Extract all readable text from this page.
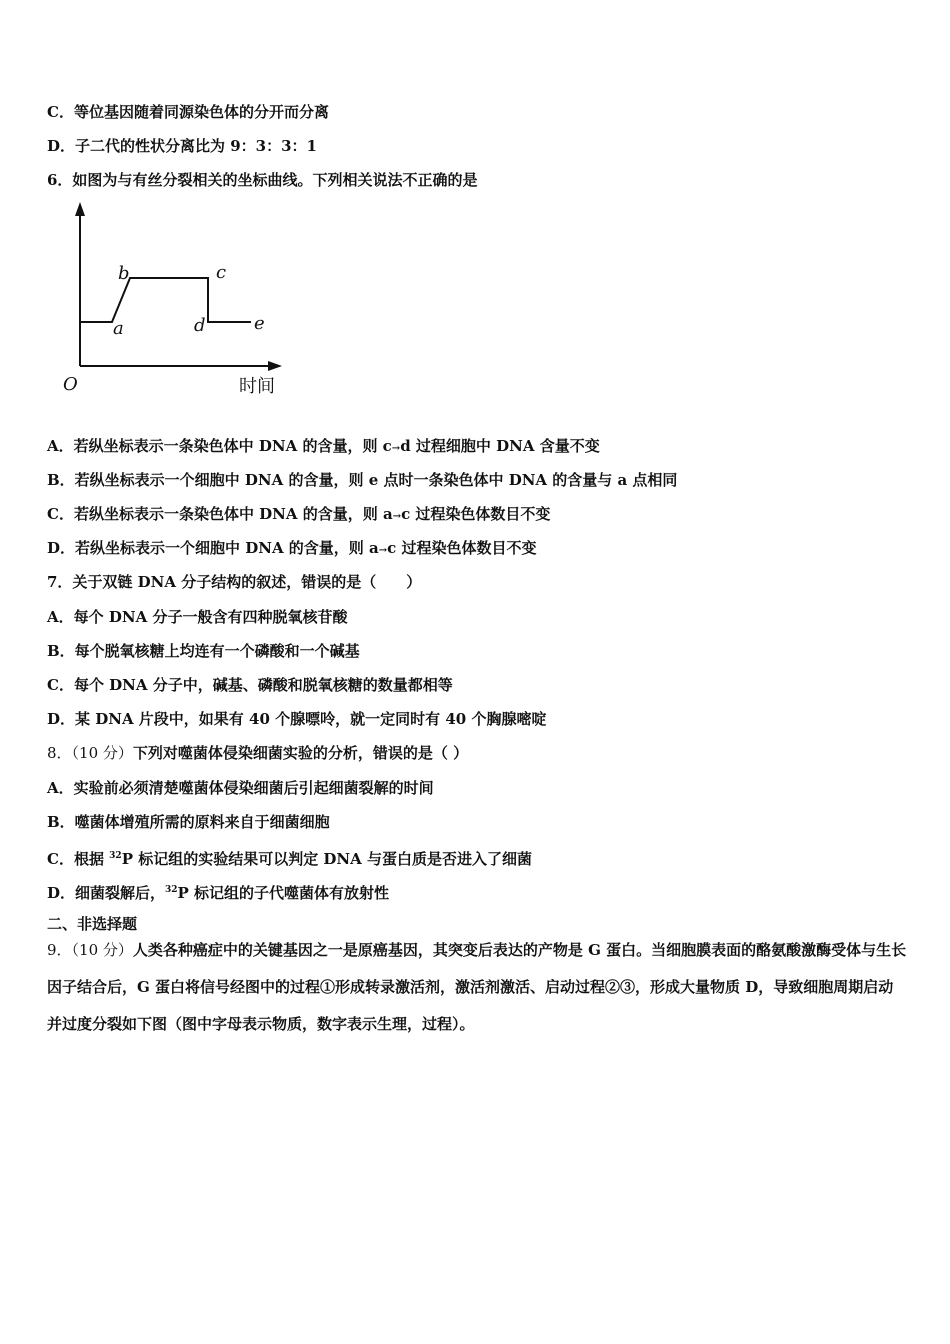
C．等位基因随着同源染色体的分开而分离
D．子二代的性状分离比为 9：3：3：1
6．如图为与有丝分裂相关的坐标曲线。下列相关说法不正确的是
O	时间
a
b	c
d	e
A．若纵坐标表示一条染色体中 DNA 的含量，则 c→d 过程细胞中 DNA 含量不变
B．若纵坐标表示一个细胞中 DNA 的含量，则 e 点时一条染色体中 DNA 的含量与 a 点相同
C．若纵坐标表示一条染色体中 DNA 的含量，则 a→c 过程染色体数目不变
D．若纵坐标表示一个细胞中 DNA 的含量，则 a→c 过程染色体数目不变
7．关于双链 DNA 分子结构的叙述，错误的是（　　）
A．每个 DNA 分子一般含有四种脱氧核苷酸
B．每个脱氧核糖上均连有一个磷酸和一个碱基
C．每个 DNA 分子中，碱基、磷酸和脱氧核糖的数量都相等
D．某 DNA 片段中，如果有 40 个腺嘌呤，就一定同时有 40 个胸腺嘧啶
8．（10 分）下列对噬菌体侵染细菌实验的分析，错误的是（ ）
A．实验前必须清楚噬菌体侵染细菌后引起细菌裂解的时间
B．噬菌体增殖所需的原料来自于细菌细胞
C．根据 $^{32}$P 标记组的实验结果可以判定 DNA 与蛋白质是否进入了细菌
D．细菌裂解后，$^{32}$P 标记组的子代噬菌体有放射性
二、非选择题
9．（10 分）人类各种癌症中的关键基因之一是原癌基因，其突变后表达的产物是 G 蛋白。当细胞膜表面的酪氨酸激酶受体与生长因子结合后，G 蛋白将信号经图中的过程①形成转录激活剂，激活剂激活、启动过程②③，形成大量物质 D，导致细胞周期启动并过度分裂如下图（图中字母表示物质，数字表示生理，过程）。
